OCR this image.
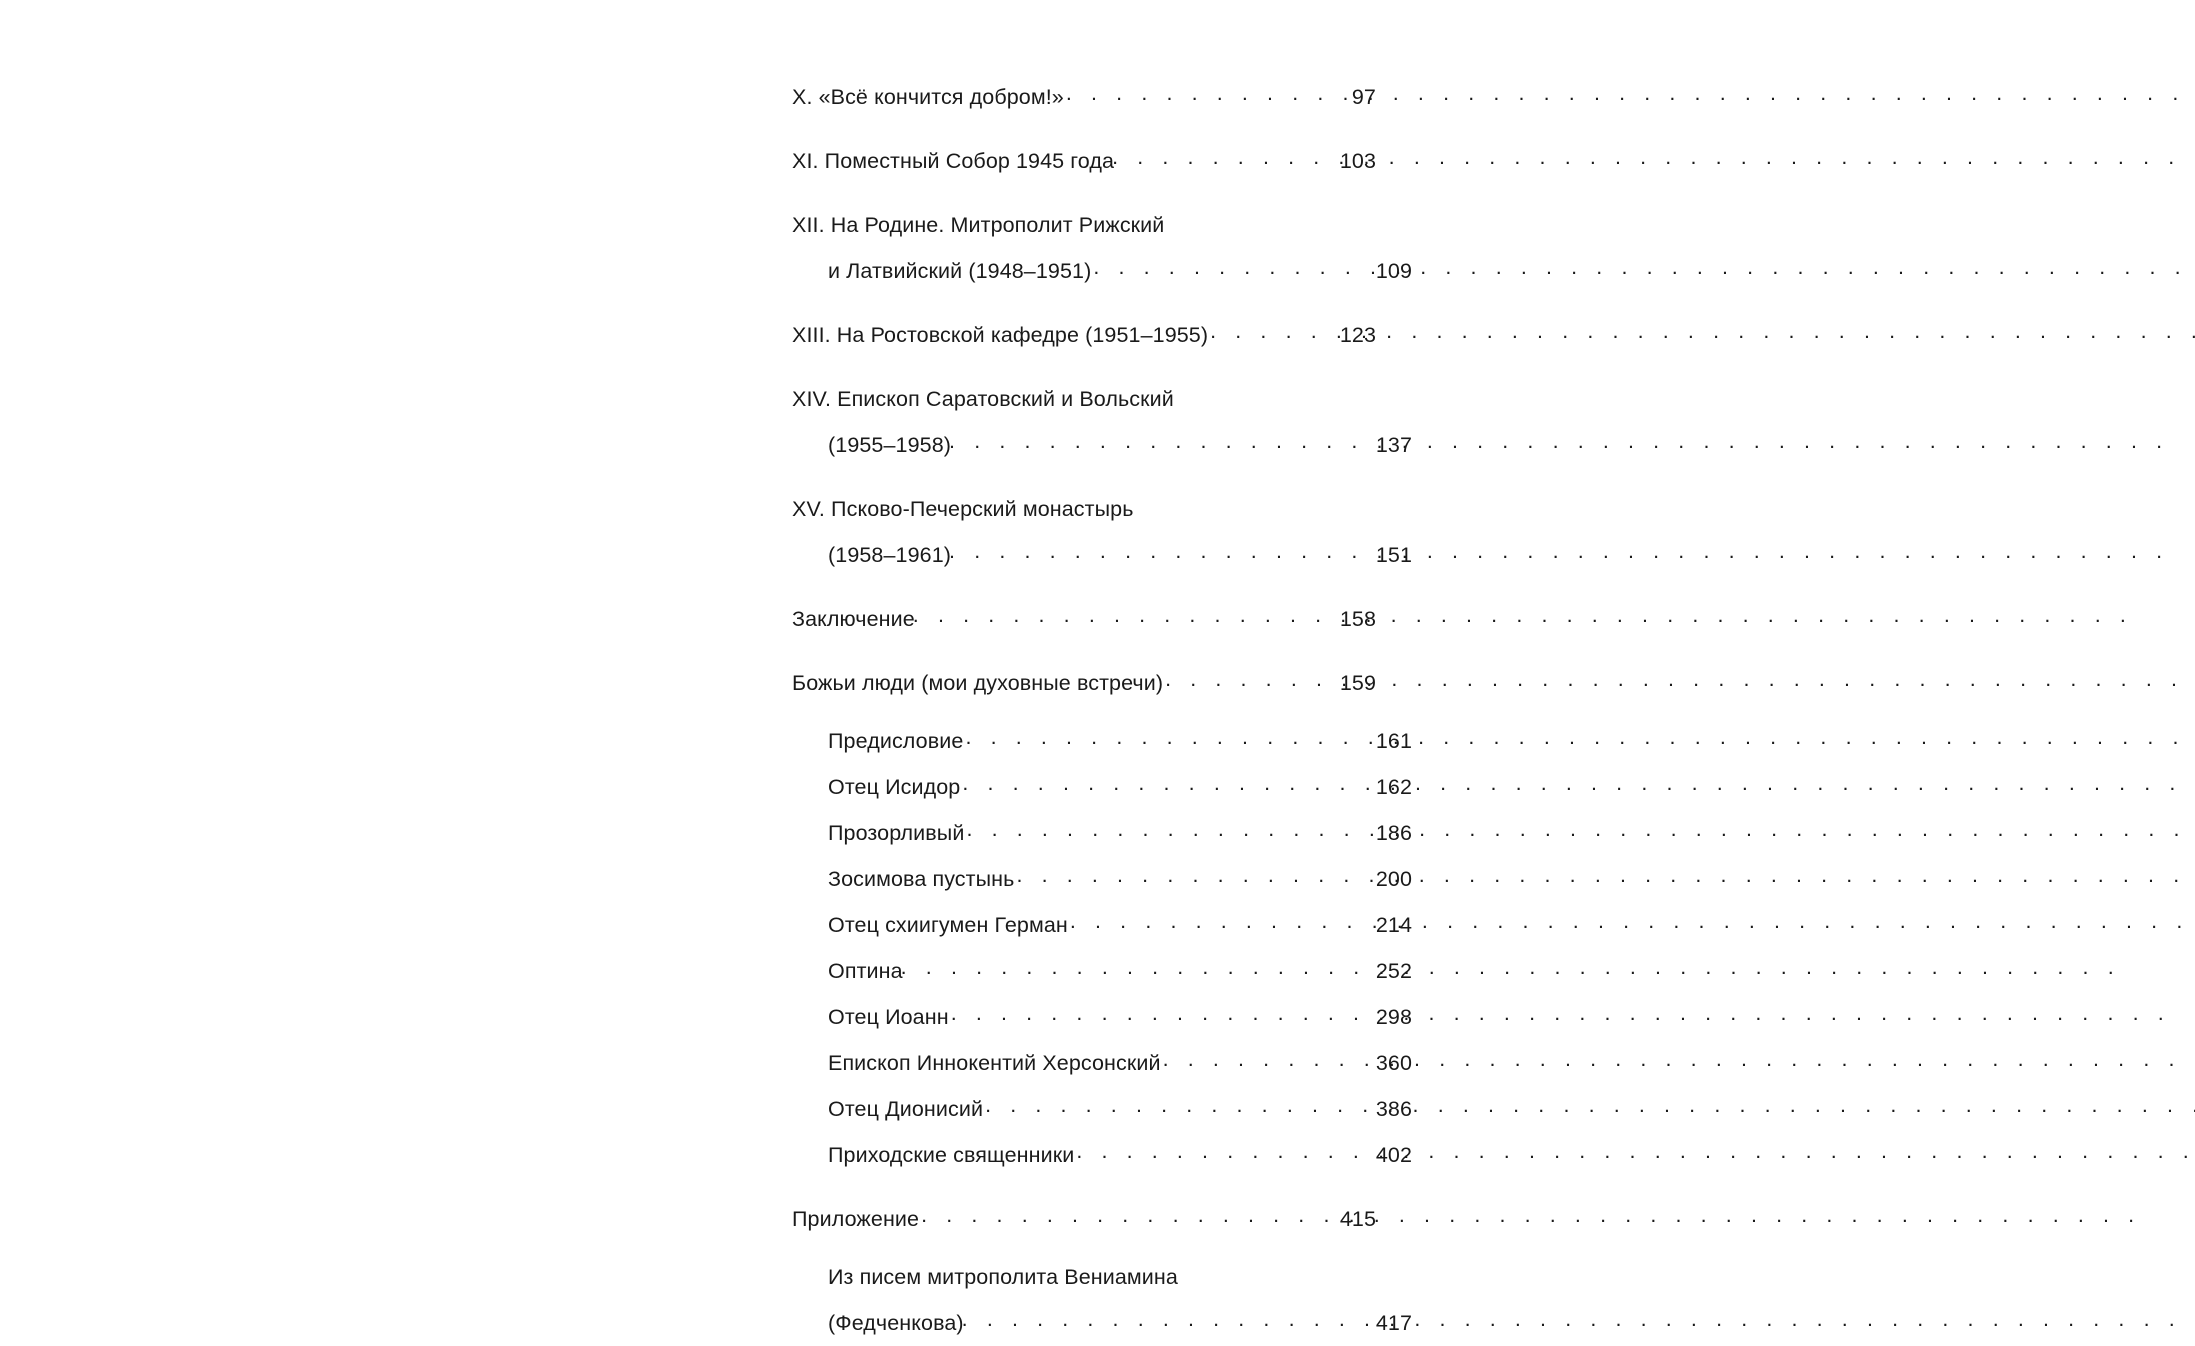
X. «Всё кончится добром!» . . .	97
XI. Поместный Собор 1945 года . . .	103
XII. На Родине. Митрополит Рижский
и Латвийский (1948–1951) . . .	109
XIII. На Ростовской кафедре (1951–1955) . . .	123
XIV. Епископ Саратовский и Вольский
(1955–1958) . . .	137
XV. Псково-Печерский монастырь
(1958–1961) . . .	151
Заключение . . .	158
Божьи люди (мои духовные встречи) . . .	159
Предисловие . . .	161
Отец Исидор . . .	162
Прозорливый . . .	186
Зосимова пустынь . . .	200
Отец схиигумен Герман . . .	214
Оптина . . .	252
Отец Иоанн . . .	298
Епископ Иннокентий Херсонский . . .	360
Отец Дионисий . . .	386
Приходские священники . . .	402
Приложение . . .	415
Из писем митрополита Вениамина
(Федченкова) . . .	417
